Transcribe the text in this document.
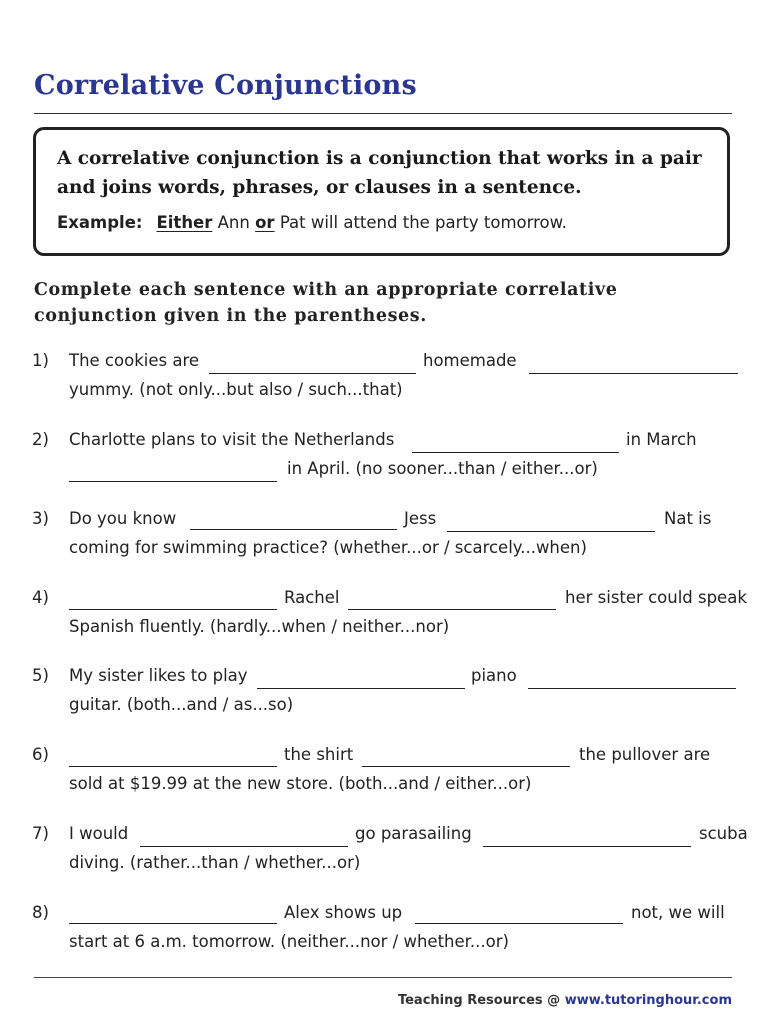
Correlative Conjunctions
A correlative conjunction is a conjunction that works in a pair and joins words, phrases, or clauses in a sentence.
Example: Either Ann or Pat will attend the party tomorrow.
Complete each sentence with an appropriate correlative conjunction given in the parentheses.
1) The cookies are	homemade
yummy. (not only...but also / such...that)
2) Charlotte plans to visit the Netherlands	in March
in April. (no sooner...than / either...or)
3) Do you know	Jess	Nat is
coming for swimming practice? (whether...or / scarcely...when)
4)	Rachel	her sister could speak
Spanish fluently. (hardly...when / neither...nor)
5) My sister likes to play	piano
guitar. (both...and / as...so)
6)	the shirt	the pullover are
sold at $19.99 at the new store. (both...and / either...or)
7) I would	go parasailing	scuba
diving. (rather...than / whether...or)
8)	Alex shows up	not, we will
start at 6 a.m. tomorrow. (neither...nor / whether...or)
Teaching Resources @ www.tutoringhour.com
